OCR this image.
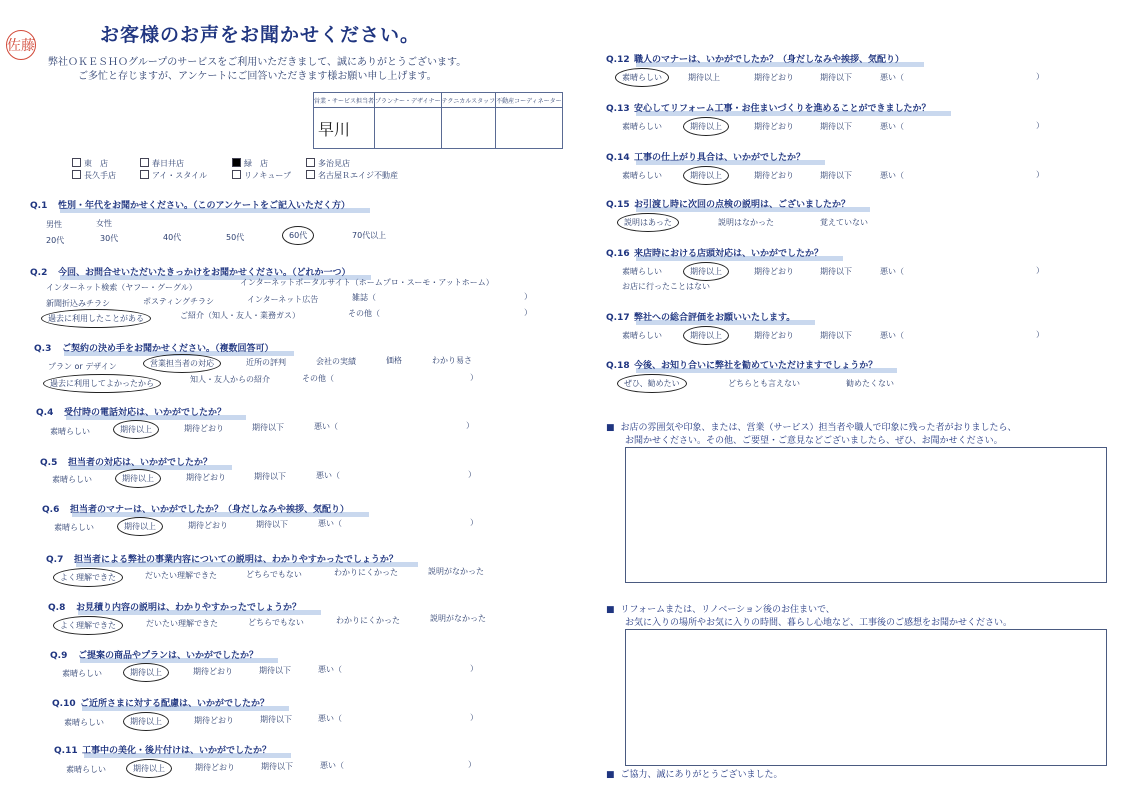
佐藤	お客様のお声をお聞かせください。
弊社ＯＫＥＳＨＯグループのサービスをご利用いただきまして、誠にありがとうございます。
ご多忙と存じますが、アンケートにご回答いただきます様お願い申し上げます。
営業・サービス担当者	プランナー・デザイナー	テクニカルスタッフ	不動産コーディネーター
早川			
東　店	春日井店	緑　店	多治見店
長久手店	アイ・スタイル	リノキューブ	名古屋Ｒエイジ不動産
Q.1 性別・年代をお聞かせください。（このアンケートをご記入いただく方）
男性	女性
20代	30代	40代	50代	60代	70代以上
Q.2 今回、お問合せいただいたきっかけをお聞かせください。（どれか一つ）
インターネット検索（ヤフー・グーグル）
インターネットポータルサイト（ホームプロ・スーモ・アットホーム）
新聞折込みチラシ	ポスティングチラシ	インターネット広告	雑誌（	）
過去に利用したことがある	ご紹介（知人・友人・業務ガス）	その他（	）
Q.3 ご契約の決め手をお聞かせください。（複数回答可）
プラン or デザイン	営業担当者の対応	近所の評判	会社の実績	価格	わかり易さ
過去に利用してよかったから	知人・友人からの紹介	その他（	）
Q.4 受付時の電話対応は、いかがでしたか？
素晴らしい	期待以上	期待どおり	期待以下	悪い（	）
Q.5 担当者の対応は、いかがでしたか？
素晴らしい	期待以上	期待どおり	期待以下	悪い（	）
Q.6 担当者のマナーは、いかがでしたか？（身だしなみや挨拶、気配り）
素晴らしい	期待以上	期待どおり	期待以下	悪い（	）
Q.7 担当者による弊社の事業内容についての説明は、わかりやすかったでしょうか？
よく理解できた	だいたい理解できた	どちらでもない	わかりにくかった	説明がなかった
Q.8 お見積り内容の説明は、わかりやすかったでしょうか？
よく理解できた	だいたい理解できた	どちらでもない	わかりにくかった	説明がなかった
Q.9 ご提案の商品やプランは、いかがでしたか？
素晴らしい	期待以上	期待どおり	期待以下	悪い（	）
Q.10 ご近所さまに対する配慮は、いかがでしたか？
素晴らしい	期待以上	期待どおり	期待以下	悪い（	）
Q.11 工事中の美化・後片付けは、いかがでしたか？
素晴らしい	期待以上	期待どおり	期待以下	悪い（	）
Q.12 職人のマナーは、いかがでしたか？（身だしなみや挨拶、気配り）
素晴らしい	期待以上	期待どおり	期待以下	悪い（	）
Q.13 安心してリフォーム工事・お住まいづくりを進めることができましたか？
素晴らしい	期待以上	期待どおり	期待以下	悪い（	）
Q.14 工事の仕上がり具合は、いかがでしたか？
素晴らしい	期待以上	期待どおり	期待以下	悪い（	）
Q.15 お引渡し時に次回の点検の説明は、ございましたか？
説明はあった	説明はなかった	覚えていない
Q.16 来店時における店頭対応は、いかがでしたか？
素晴らしい	期待以上	期待どおり	期待以下	悪い（	）
お店に行ったことはない
Q.17 弊社への総合評価をお願いいたします。
素晴らしい	期待以上	期待どおり	期待以下	悪い（	）
Q.18 今後、お知り合いに弊社を勧めていただけますでしょうか？
ぜひ、勧めたい	どちらとも言えない	勧めたくない
■ お店の雰囲気や印象、または、営業（サービス）担当者や職人で印象に残った者がおりましたら、
お聞かせください。その他、ご要望・ご意見などございましたら、ぜひ、お聞かせください。
■ リフォームまたは、リノベーション後のお住まいで、
お気に入りの場所やお気に入りの時間、暮らし心地など、工事後のご感想をお聞かせください。
■ ご協力、誠にありがとうございました。
